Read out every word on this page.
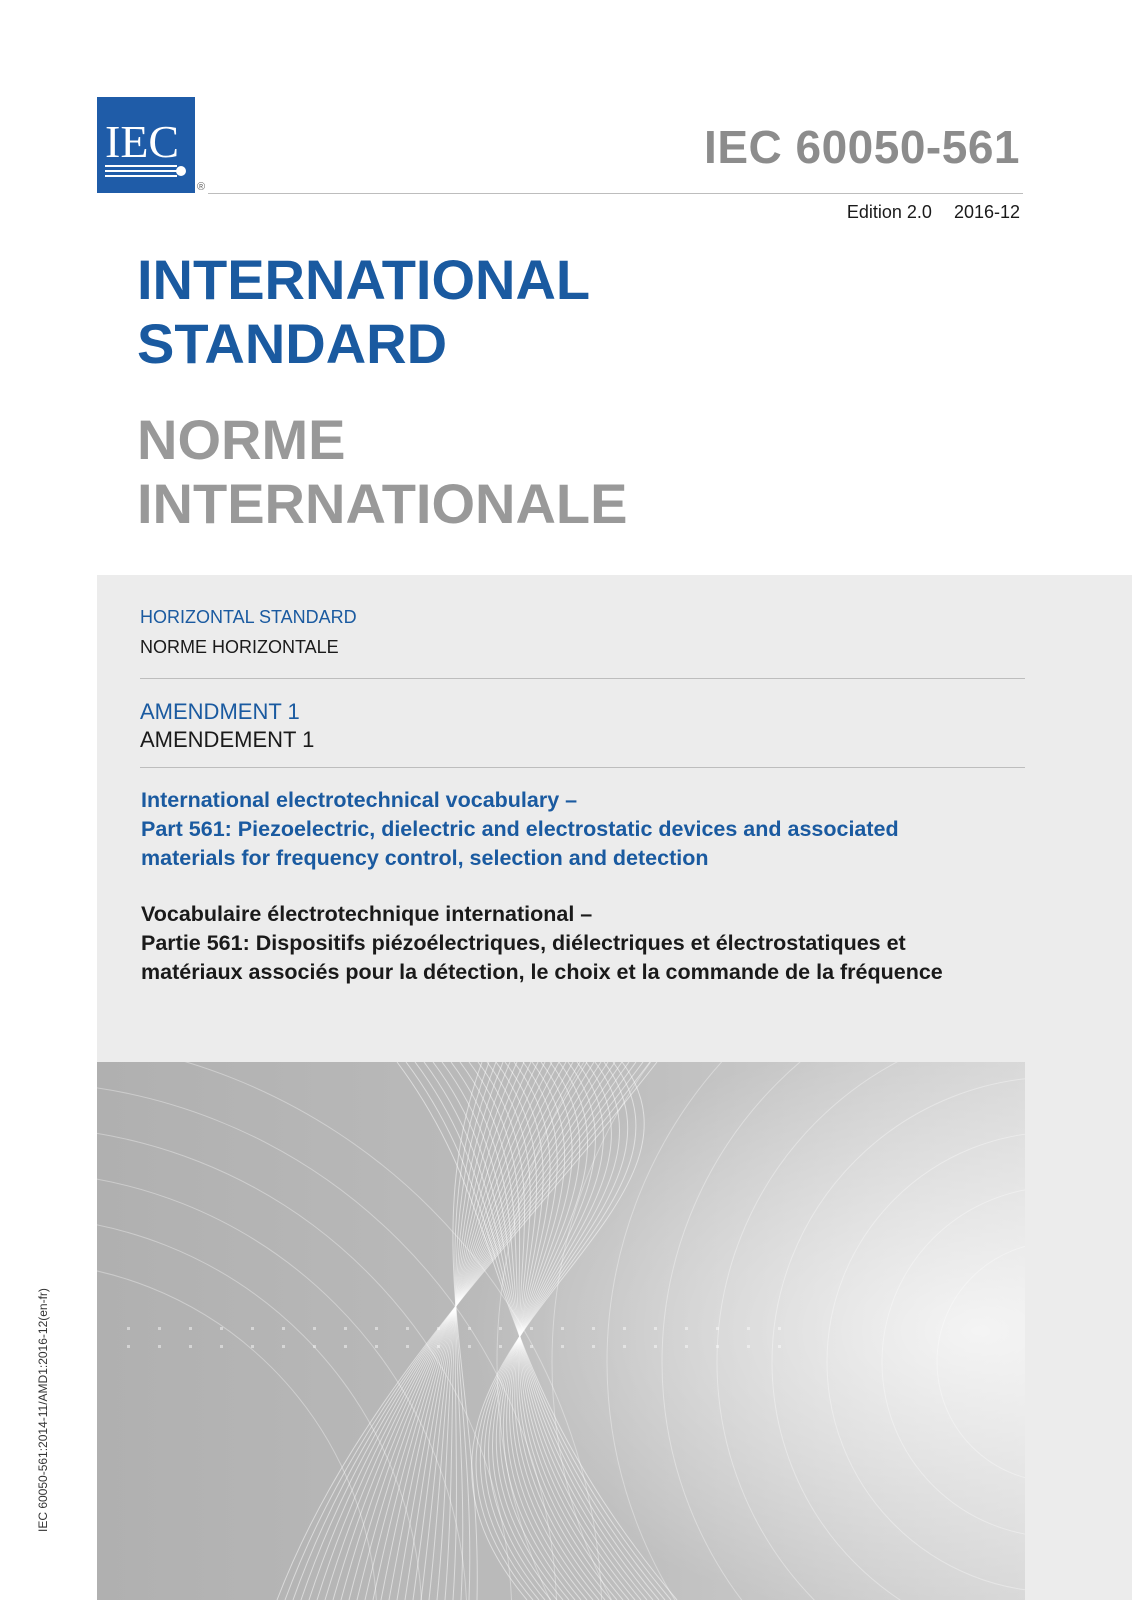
IEC
®
IEC 60050-561
Edition 2.0 2016-12
INTERNATIONAL
STANDARD
NORME
INTERNATIONALE
HORIZONTAL STANDARD
NORME HORIZONTALE
AMENDMENT 1
AMENDEMENT 1
International electrotechnical vocabulary –
Part 561: Piezoelectric, dielectric and electrostatic devices and associated
materials for frequency control, selection and detection
Vocabulaire électrotechnique international –
Partie 561: Dispositifs piézoélectriques, diélectriques et électrostatiques et
matériaux associés pour la détection, le choix et la commande de la fréquence
IEC 60050-561:2014-11/AMD1:2016-12(en-fr)
